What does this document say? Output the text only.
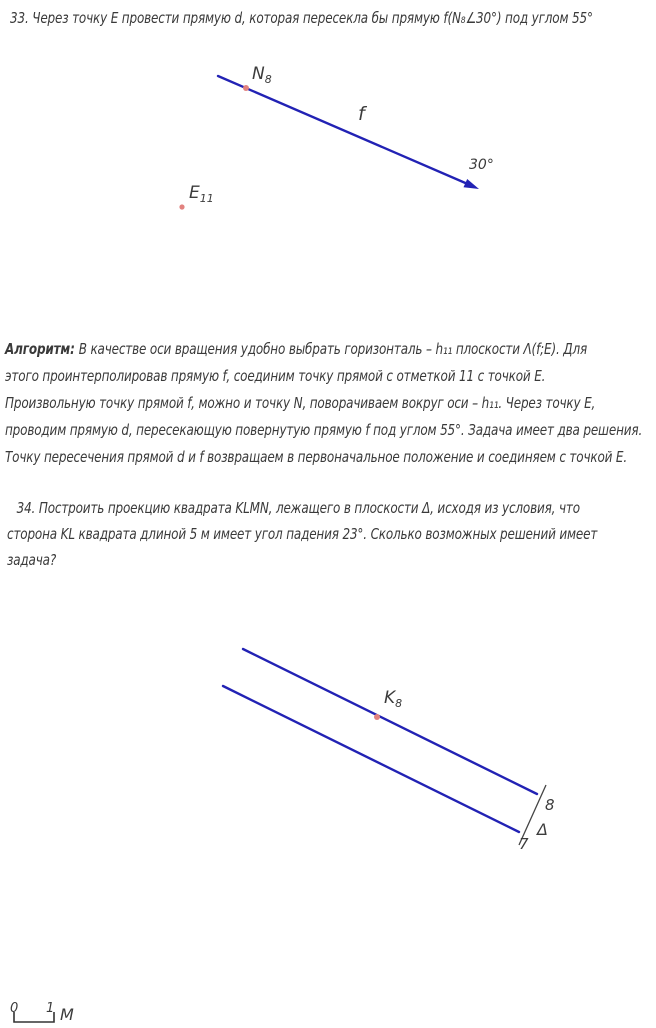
33. Через точку E провести прямую d, которая пересекла бы прямую f(N₈∠30°) под углом 55°
$N_8$
f
30°
$E_{11}$
Алгоритм: В качестве оси вращения удобно выбрать горизонталь – h₁₁ плоскости Λ(f;E). Для
этого проинтерполировав прямую f, соединим точку прямой с отметкой 11 с точкой E.
Произвольную точку прямой f, можно и точку N, поворачиваем вокруг оси – h₁₁. Через точку E,
проводим прямую d, пересекающую повернутую прямую f под углом 55°. Задача имеет два решения.
Точку пересечения прямой d и f возвращаем в первоначальное положение и соединяем с точкой E.
34. Построить проекцию квадрата KLMN, лежащего в плоскости Δ, исходя из условия, что
сторона KL квадрата длиной 5 м имеет угол падения 23°. Сколько возможных решений имеет
задача?
$K_8$
8
Δ
7
0 1 М
